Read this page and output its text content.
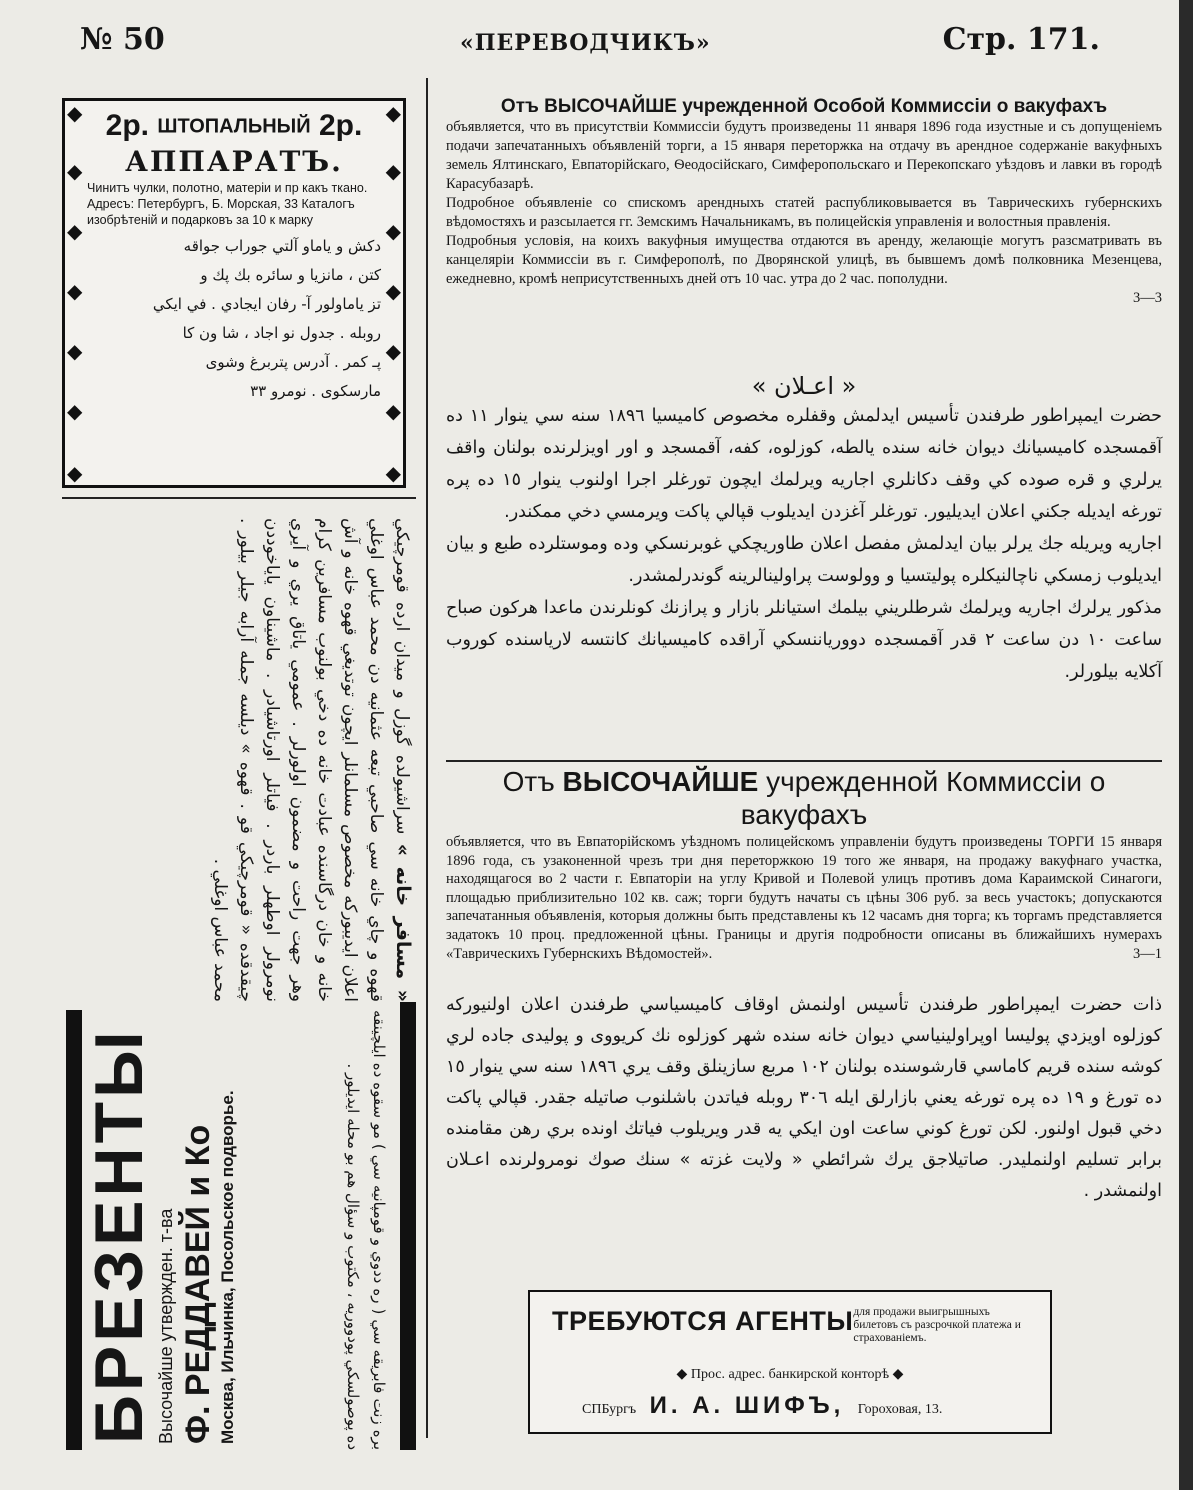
№ 50	«ПЕРЕВОДЧИКЪ»	Стр. 171.
◆	◆
◆	◆
◆
◆
◆
◆
◆
◆
◆
◆
◆
◆
2р. ШТОПАЛЬНЫЙ 2р.
АППАРАТЪ.
Чинитъ чулки, полотно, матеріи и пр какъ ткано. Адресъ: Петербургъ, Б. Морская, 33 Каталогъ изобрѣтеній и подарковъ за 10 к марку
دكش و ياماو آلتي جوراب جواقه
كتن ، مانزيا و سائره بك پك و
تز ياماولور آ- رفان ايجادي . في ايكي
روبله . جدول نو اجاد ، شا ون كا
پـ كمر . آدرس پتربرغ وشوى
مارسكوى . نومرو ٣٣
« مسافر خانه » سراشيولده گوزل و ميدان ارده قومرچيكي قهوه و چاي خانه سي صاحبي تبعه عثمانيه دن محمد عباس اوغلي اعلان ايديبورکه مخصوص مسلمانلر ايچون توتديغي قهوه خانه و آش خانه و خان درگاسنده عبادت خانه ده دخي بولنوب مسافرين كرام وهر جهت راحت و مضمون اولورلر . عمومي ياتاق يري و آيري نومرولر اوطهلر باردر . فياتلر اورتاشيادر . ماشيناون ياياخوددن چيقدقده « قومرچيكي قو . قهوه » ديلسه جمله آرابه جيلر بيلور . محمد عباس اوغلي .
БРЕЗЕНТЫ Высочайше утвержден. т-ва Ф. РЕДДАВЕЙ и Ко Москва, Ильчинка, Посольское подворье.	بره زنت فابريقه سي ( ره ددوي و قومپانيه سي ) مو سقوه ده ايلچينقه ده پوصولسكي پودووريه ، مكتوب و سؤال هم بو محله ايديلور .
Отъ ВЫСОЧАЙШЕ учрежденной Особой Коммиссіи о вакуфахъ

объявляется, что въ присутствіи Коммиссіи будутъ произведены 11 января 1896 года изустные и съ допущеніемъ подачи запечатанныхъ объявленій торги, а 15 января переторжка на отдачу въ арендное содержаніе вакуфныхъ земель Ялтинскаго, Евпаторійскаго, Ѳеодосійскаго, Симферопольскаго и Перекопскаго уѣздовъ и лавки въ городѣ Карасубазарѣ.

Подробное объявленіе со спискомъ арендныхъ статей распубликовывается въ Таврическихъ губернскихъ вѣдомостяхъ и разсылается гг. Земскимъ Начальникамъ, въ полицейскія управленія и волостныя правленія.

Подробныя условія, на коихъ вакуфныя имущества отдаются въ аренду, желающіе могутъ разсматривать въ канцеляріи Коммиссіи въ г. Симферополѣ, по Дворянской улицѣ, въ бывшемъ домѣ полковника Мезенцева, ежедневно, кромѣ неприсутственныхъ дней отъ 10 час. утра до 2 час. пополудни.

3—3

« اعـلان »

حضرت ايمپراطور طرفندن تأسيس ايدلمش وقفلره مخصوص كاميسيا ١٨٩٦ سنه سي ينوار ١١ ده آقمسجده كاميسيانك ديوان خانه سنده يالطه، كوزلوه، كفه، آقمسجد و اور اويزلرنده بولنان واقف يرلري و قره صوده كي وقف دكانلري اجاريه ويرلمك ايچون تورغلر اجرا اولنوب ينوار ١٥ ده پره تورغه ايديله جكني اعلان ايديليور. تورغلر آغزدن ايديلوب قپالي پاكت ويرمسي دخي ممكندر.

اجاريه ويريله جك يرلر بيان ايدلمش مفصل اعلان طاوريچكي غوبرنسكي وده وموستلرده طبع و بيان ايديلوب زمسكي ناچالنيكلره پوليتسيا و وولوست پراولينالرينه گوندرلمشدر.

مذكور يرلرك اجاريه ويرلمك شرطلريني بيلمك استيانلر بازار و پرازنك كونلرندن ماعدا هركون صباح ساعت ١٠ دن ساعت ٢ قدر آقمسجده دوورياننسكي آراقده كاميسيانك كانتسه لارياسنده كوروب آكلايه بيلورلر.

Отъ ВЫСОЧАЙШЕ учрежденной Коммиссіи о вакуфахъ

объявляется, что въ Евпаторійскомъ уѣздномъ полицейскомъ управленіи будутъ произведены ТОРГИ 15 января 1896 года, съ узаконенной чрезъ три дня переторжкою 19 того же января, на продажу вакуфнаго участка, находящагося во 2 части г. Евпаторіи на углу Кривой и Полевой улицъ противъ дома Караимской Синагоги, площадью приблизительно 102 кв. саж; торги будутъ начаты съ цѣны 306 руб. за весь участокъ; допускаются запечатанныя объявленія, которыя должны быть представлены къ 12 часамъ дня торга; къ торгамъ представляется задатокъ 10 проц. предложенной цѣны. Границы и другія подробности описаны въ ближайшихъ нумерахъ «Таврическихъ Губернскихъ Вѣдомостей».	3—1

ذات حضرت ايمپراطور طرفندن تأسيس اولنمش اوقاف كاميسياسي طرفندن اعلان اولنيوركه كوزلوه اويزدي پوليسا اوپراولينياسي ديوان خانه سنده شهر كوزلوه نك كريووى و پوليدى جاده لري كوشه سنده قريم كاماسي قارشوسنده بولنان ١٠٢ مربع سازينلق وقف يري ١٨٩٦ سنه سي ينوار ١٥ ده تورغ و ١٩ ده پره تورغه يعني بازارلق ايله ٣٠٦ روبله فياتدن باشلنوب صاتيله جقدر. قپالي پاكت دخي قبول اولنور. لكن تورغ كوني ساعت اون ايكي يه قدر ويريلوب فياتك اونده بري رهن مقامنده برابر تسليم اولنمليدر. صاتيلاجق يرك شرائطي « ولايت غزته » سنك صوك نومرولرنده اعـلان اولنمشدر .

ТРЕБУЮТСЯ АГЕНТЫ для продажи выигрышныхъ билетовъ съ разсрочкой платежа и страхованіемъ.
◆ Прос. адрес. банкирской конторѣ ◆
СПБургъ И. А. ШИФЪ, Гороховая, 13.
